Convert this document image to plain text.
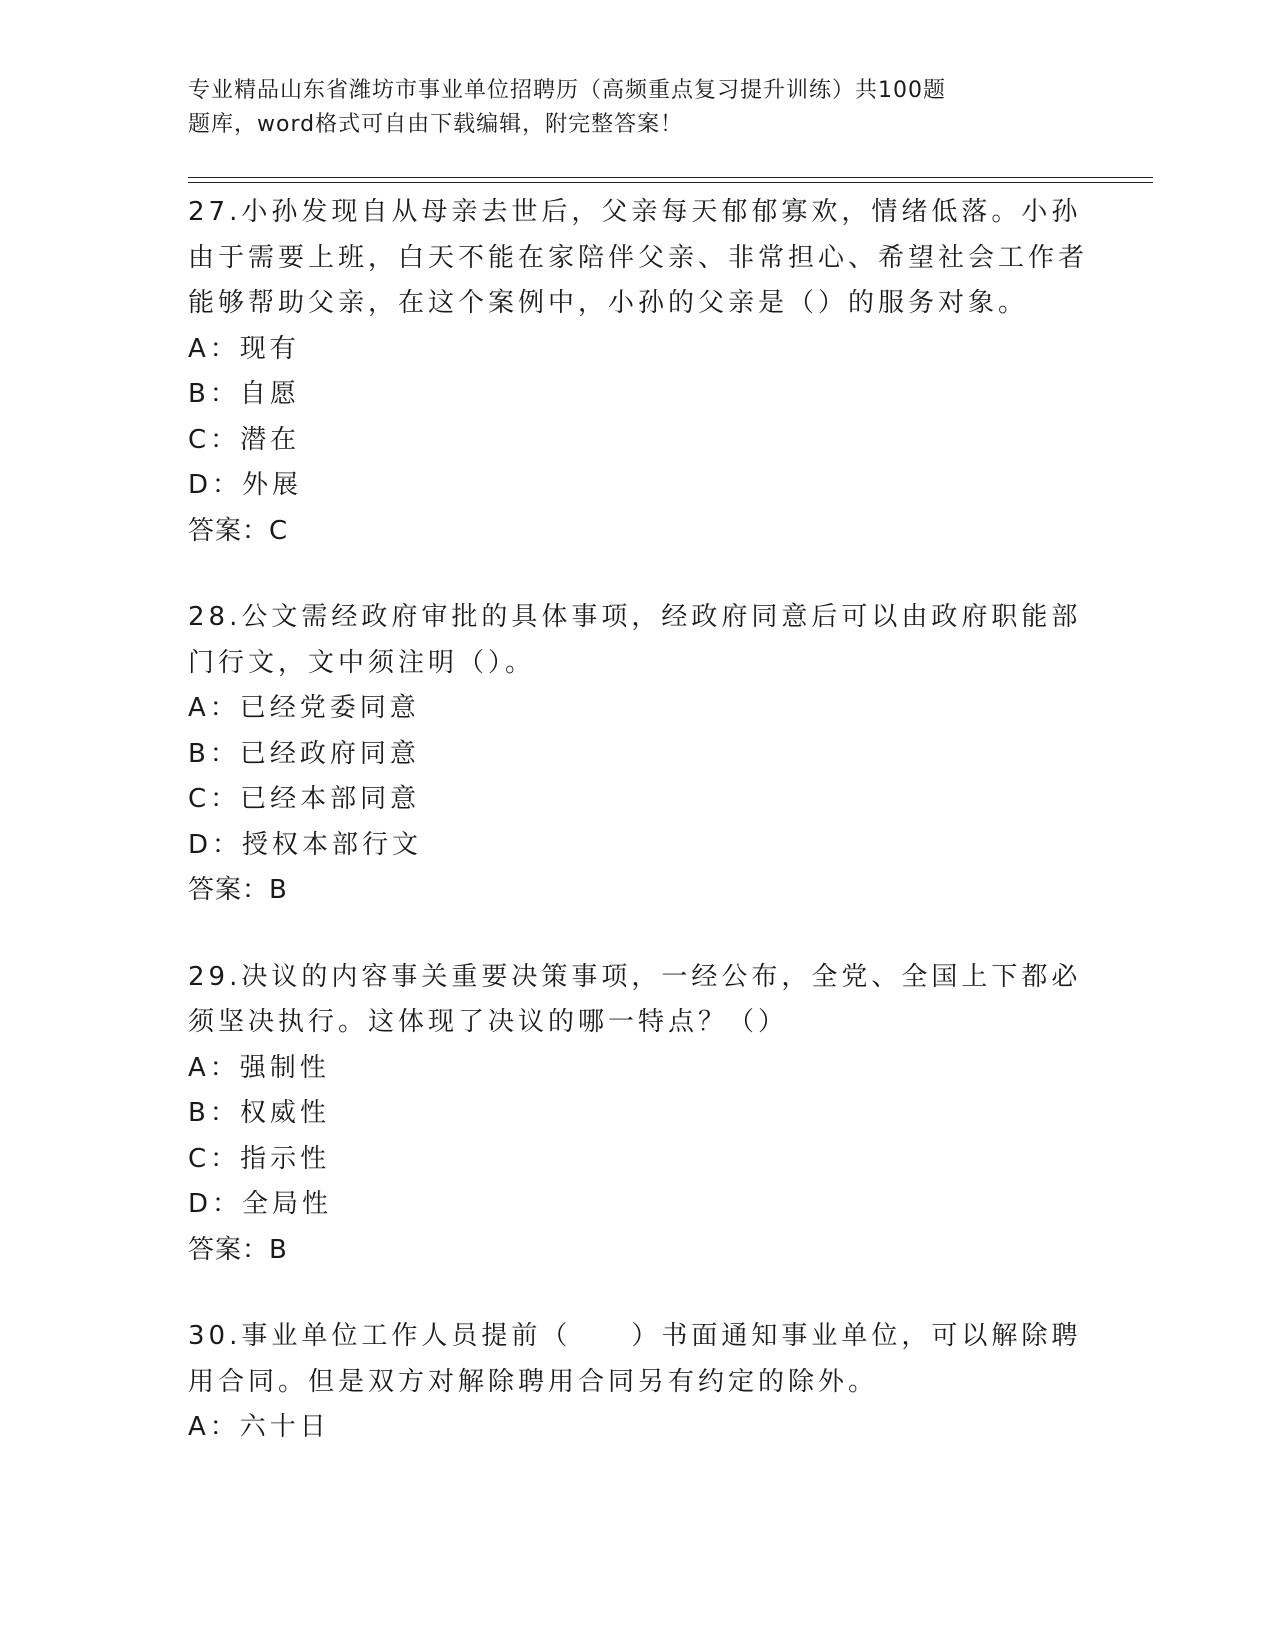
专业精品山东省潍坊市事业单位招聘历（高频重点复习提升训练）共100题
题库，word格式可自由下载编辑，附完整答案！

27.小孙发现自从母亲去世后，父亲每天郁郁寡欢，情绪低落。小孙由于需要上班，白天不能在家陪伴父亲、非常担心、希望社会工作者能够帮助父亲，在这个案例中，小孙的父亲是（）的服务对象。

A：现有
B：自愿
C：潜在
D：外展
答案：C

28.公文需经政府审批的具体事项，经政府同意后可以由政府职能部门行文，文中须注明（）。

A：已经党委同意
B：已经政府同意
C：已经本部同意
D：授权本部行文
答案：B

29.决议的内容事关重要决策事项，一经公布，全党、全国上下都必须坚决执行。这体现了决议的哪一特点？（）

A：强制性
B：权威性
C：指示性
D：全局性
答案：B

30.事业单位工作人员提前（　　）书面通知事业单位，可以解除聘用合同。但是双方对解除聘用合同另有约定的除外。

A：六十日
